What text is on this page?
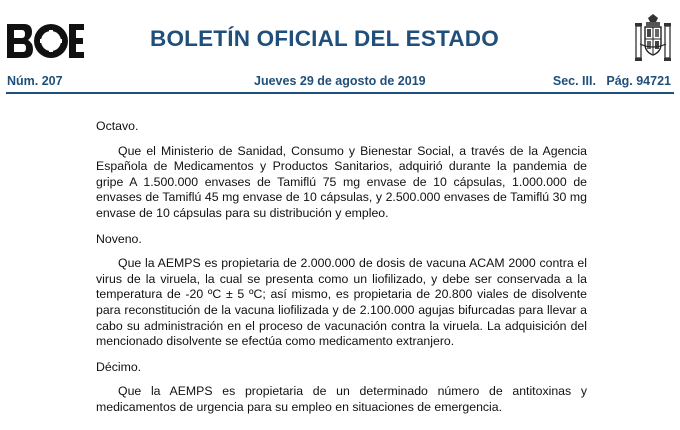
BOLETÍN OFICIAL DEL ESTADO
Núm. 207	Jueves 29 de agosto de 2019	Sec. III.   Pág. 94721

Octavo.

Que el Ministerio de Sanidad, Consumo y Bienestar Social, a través de la Agencia Española de Medicamentos y Productos Sanitarios, adquirió durante la pandemia de gripe A 1.500.000 envases de Tamiflú 75 mg envase de 10 cápsulas, 1.000.000 de envases de Tamiflú 45 mg envase de 10 cápsulas, y 2.500.000 envases de Tamiflú 30 mg envase de 10 cápsulas para su distribución y empleo.

Noveno.

Que la AEMPS es propietaria de 2.000.000 de dosis de vacuna ACAM 2000 contra el virus de la viruela, la cual se presenta como un liofilizado, y debe ser conservada a la temperatura de -20 ºC ± 5 ºC; así mismo, es propietaria de 20.800 viales de disolvente para reconstitución de la vacuna liofilizada y de 2.100.000 agujas bifurcadas para llevar a cabo su administración en el proceso de vacunación contra la viruela. La adquisición del mencionado disolvente se efectúa como medicamento extranjero.

Décimo.

Que la AEMPS es propietaria de un determinado número de antitoxinas y medicamentos de urgencia para su empleo en situaciones de emergencia.
